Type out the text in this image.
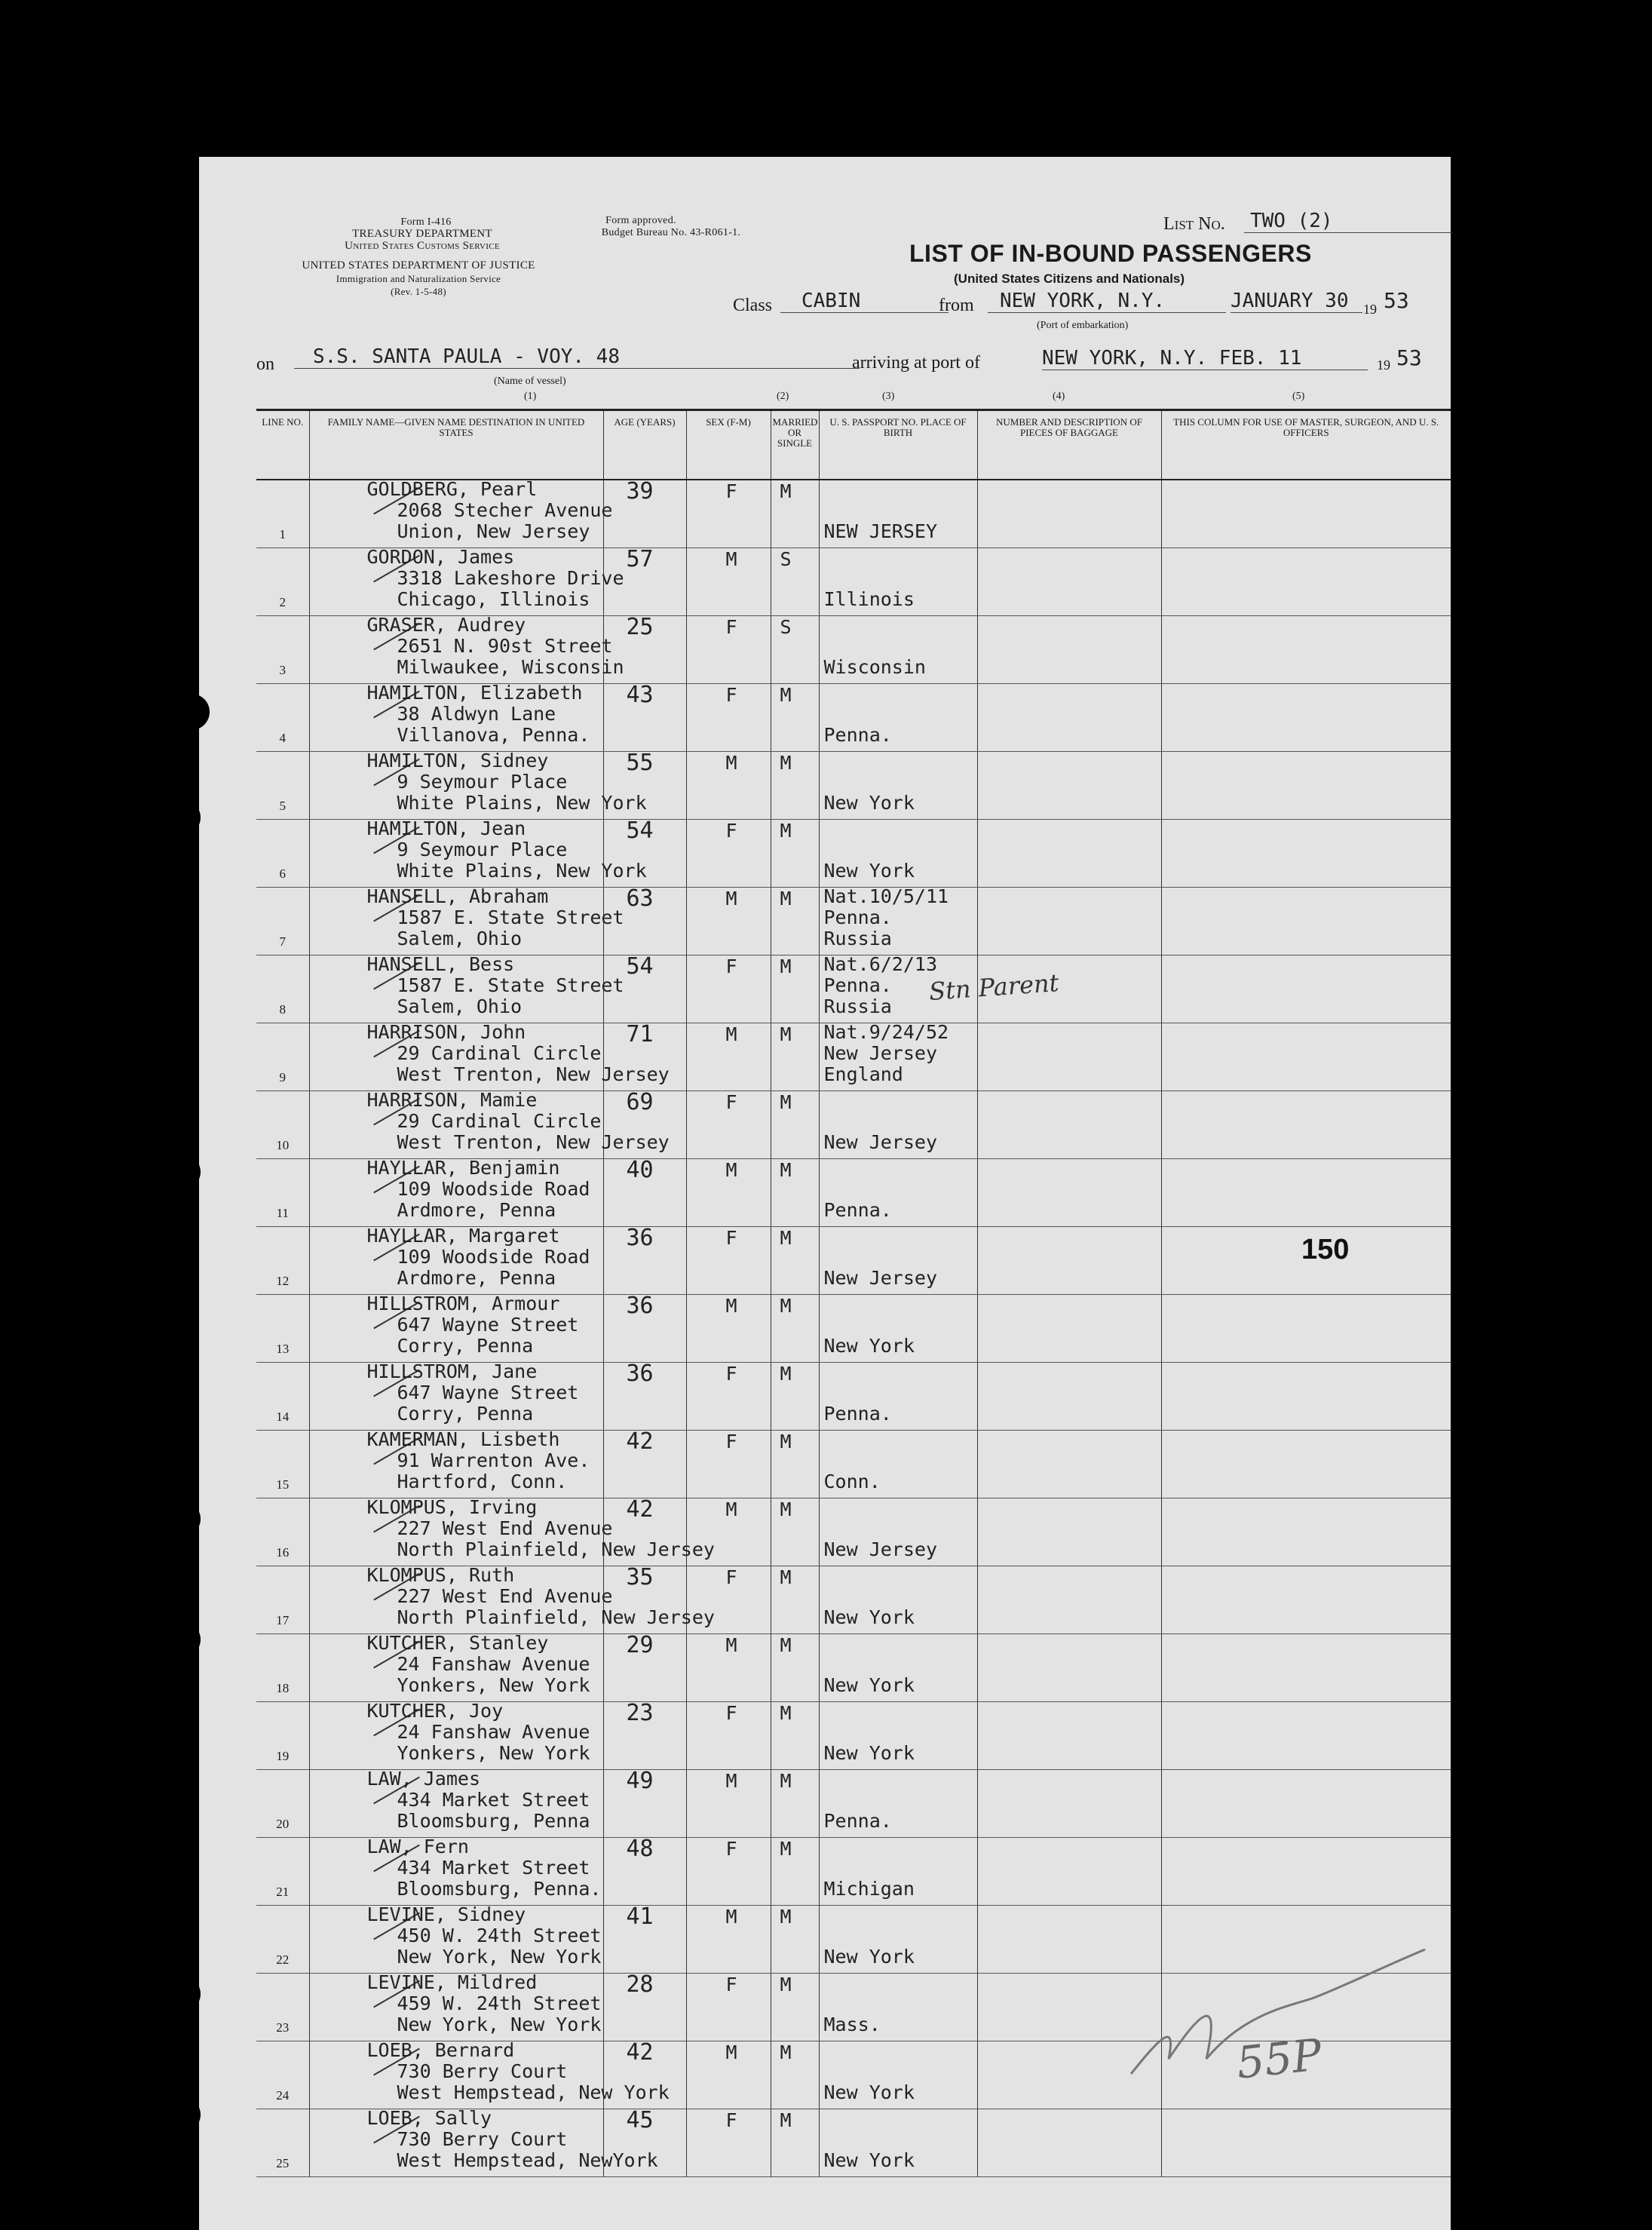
Form I-416
TREASURY DEPARTMENT
United States Customs Service
UNITED STATES DEPARTMENT OF JUSTICE
Immigration and Naturalization Service
(Rev. 1-5-48)
Form approved.
Budget Bureau No. 43-R061-1.
LIST OF IN-BOUND PASSENGERS
(United States Citizens and Nationals)
List No.	TWO (2)
Class	CABIN	from	NEW YORK, N.Y.	JANUARY 30	19 53
(Port of embarkation)
on	S.S. SANTA PAULA - VOY. 48
(Name of vessel)
arriving at port of	NEW YORK, N.Y. FEB. 11	19 53
(1)	(2)	(3)	(4)	(5)
LINE NO.	FAMILY NAME—GIVEN NAME DESTINATION IN UNITED STATES	AGE (YEARS)	SEX (F-M)	MARRIED OR SINGLE	U. S. PASSPORT NO. PLACE OF BIRTH	NUMBER AND DESCRIPTION OF PIECES OF BAGGAGE	THIS COLUMN FOR USE OF MASTER, SURGEON, AND U. S. OFFICERS

1	GOLDBERG, Pearl
2068 Stecher Avenue
Union, New Jersey	39	F	M	NEW JERSEY		

2	GORDON, James
3318 Lakeshore Drive
Chicago, Illinois	57	M	S	Illinois		

3	GRASER, Audrey
2651 N. 90st Street
Milwaukee, Wisconsin	25	F	S	Wisconsin		

4	HAMILTON, Elizabeth
38 Aldwyn Lane
Villanova, Penna.	43	F	M	Penna.		

5	HAMILTON, Sidney
9 Seymour Place
White Plains, New York	55	M	M	New York		

6	HAMILTON, Jean
9 Seymour Place
White Plains, New York	54	F	M	New York		

7	HANSELL, Abraham
1587 E. State Street
Salem, Ohio	63	M	M	Nat.10/5/11
Penna.
Russia		

8	HANSELL, Bess
1587 E. State Street
Salem, Ohio	54	F	M	Nat.6/2/13
Penna.
Russia		

9	HARRISON, John
29 Cardinal Circle
West Trenton, New Jersey	71	M	M	Nat.9/24/52
New Jersey
England		

10	HARRISON, Mamie
29 Cardinal Circle
West Trenton, New Jersey	69	F	M	New Jersey		

11	HAYLLAR, Benjamin
109 Woodside Road
Ardmore, Penna	40	M	M	Penna.		

12	HAYLLAR, Margaret
109 Woodside Road
Ardmore, Penna	36	F	M	New Jersey		

13	HILLSTROM, Armour
647 Wayne Street
Corry, Penna	36	M	M	New York		

14	HILLSTROM, Jane
647 Wayne Street
Corry, Penna	36	F	M	Penna.		

15	KAMERMAN, Lisbeth
91 Warrenton Ave.
Hartford, Conn.	42	F	M	Conn.		

16	KLOMPUS, Irving
227 West End Avenue
North Plainfield, New Jersey	42	M	M	New Jersey		

17	KLOMPUS, Ruth
227 West End Avenue
North Plainfield, New Jersey	35	F	M	New York		

18	KUTCHER, Stanley
24 Fanshaw Avenue
Yonkers, New York	29	M	M	New York		

19	KUTCHER, Joy
24 Fanshaw Avenue
Yonkers, New York	23	F	M	New York		

20	LAW, James
434 Market Street
Bloomsburg, Penna	49	M	M	Penna.		

21	LAW, Fern
434 Market Street
Bloomsburg, Penna.	48	F	M	Michigan		

22	LEVINE, Sidney
450 W. 24th Street
New York, New York	41	M	M	New York		

23	LEVINE, Mildred
459 W. 24th Street
New York, New York	28	F	M	Mass.		

24	LOEB, Bernard
730 Berry Court
West Hempstead, New York	42	M	M	New York		

25	LOEB, Sally
730 Berry Court
West Hempstead, NewYork	45	F	M	New York		

150
Stn Parent
55P
